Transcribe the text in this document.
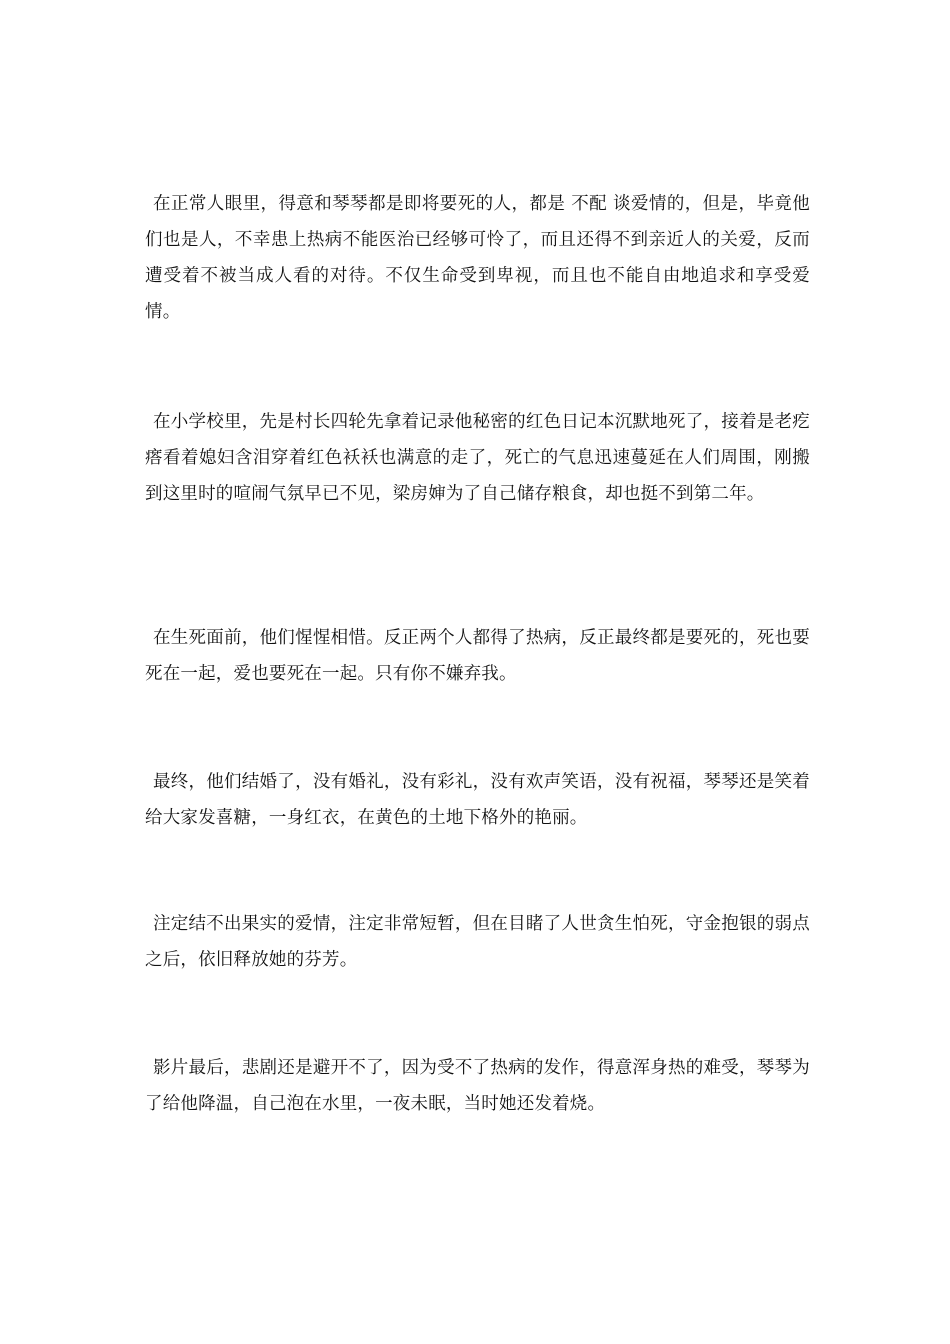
在正常人眼里，得意和琴琴都是即将要死的人，都是 不配 谈爱情的，但是，毕竟他们也是人，不幸患上热病不能医治已经够可怜了，而且还得不到亲近人的关爱，反而遭受着不被当成人看的对待。不仅生命受到卑视，而且也不能自由地追求和享受爱情。

在小学校里，先是村长四轮先拿着记录他秘密的红色日记本沉默地死了，接着是老疙瘩看着媳妇含泪穿着红色袄袄也满意的走了，死亡的气息迅速蔓延在人们周围，刚搬到这里时的喧闹气氛早已不见，梁房婶为了自己储存粮食，却也挺不到第二年。

在生死面前，他们惺惺相惜。反正两个人都得了热病，反正最终都是要死的，死也要死在一起，爱也要死在一起。只有你不嫌弃我。

最终，他们结婚了，没有婚礼，没有彩礼，没有欢声笑语，没有祝福，琴琴还是笑着给大家发喜糖，一身红衣，在黄色的土地下格外的艳丽。

注定结不出果实的爱情，注定非常短暂，但在目睹了人世贪生怕死，守金抱银的弱点之后，依旧释放她的芬芳。

影片最后，悲剧还是避开不了，因为受不了热病的发作，得意浑身热的难受，琴琴为了给他降温，自己泡在水里，一夜未眠，当时她还发着烧。
